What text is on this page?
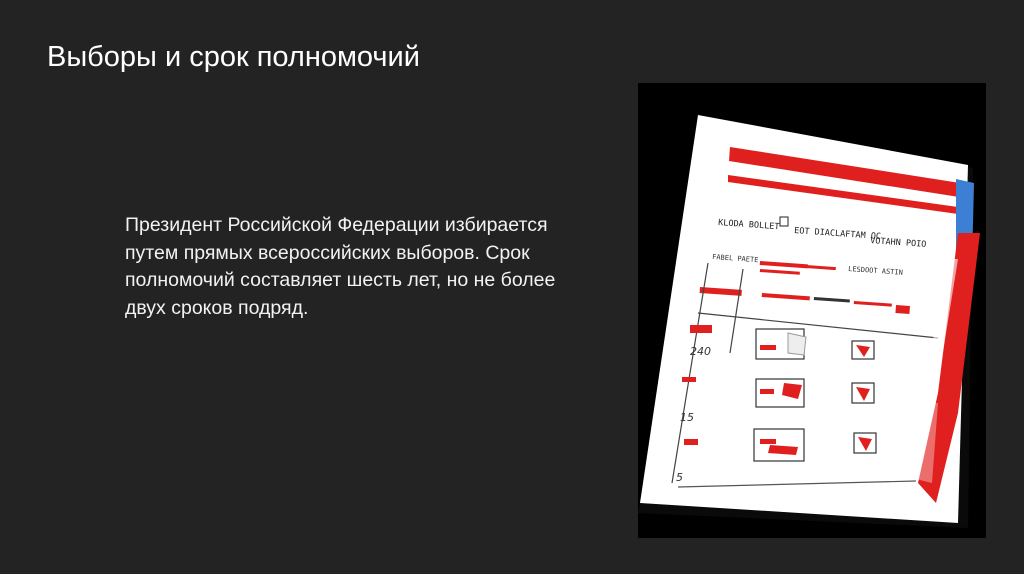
Выборы и срок полномочий

Президент Российской Федерации избирается путем прямых всероссийских выборов. Срок полномочий составляет шесть лет, но не более двух сроков подряд.

KLODA BOLLET
EOT DIACLAFTAM OC
VOTAHN POIO
FABEL PAETE
LESDOOT ASTIN
240
15
5
